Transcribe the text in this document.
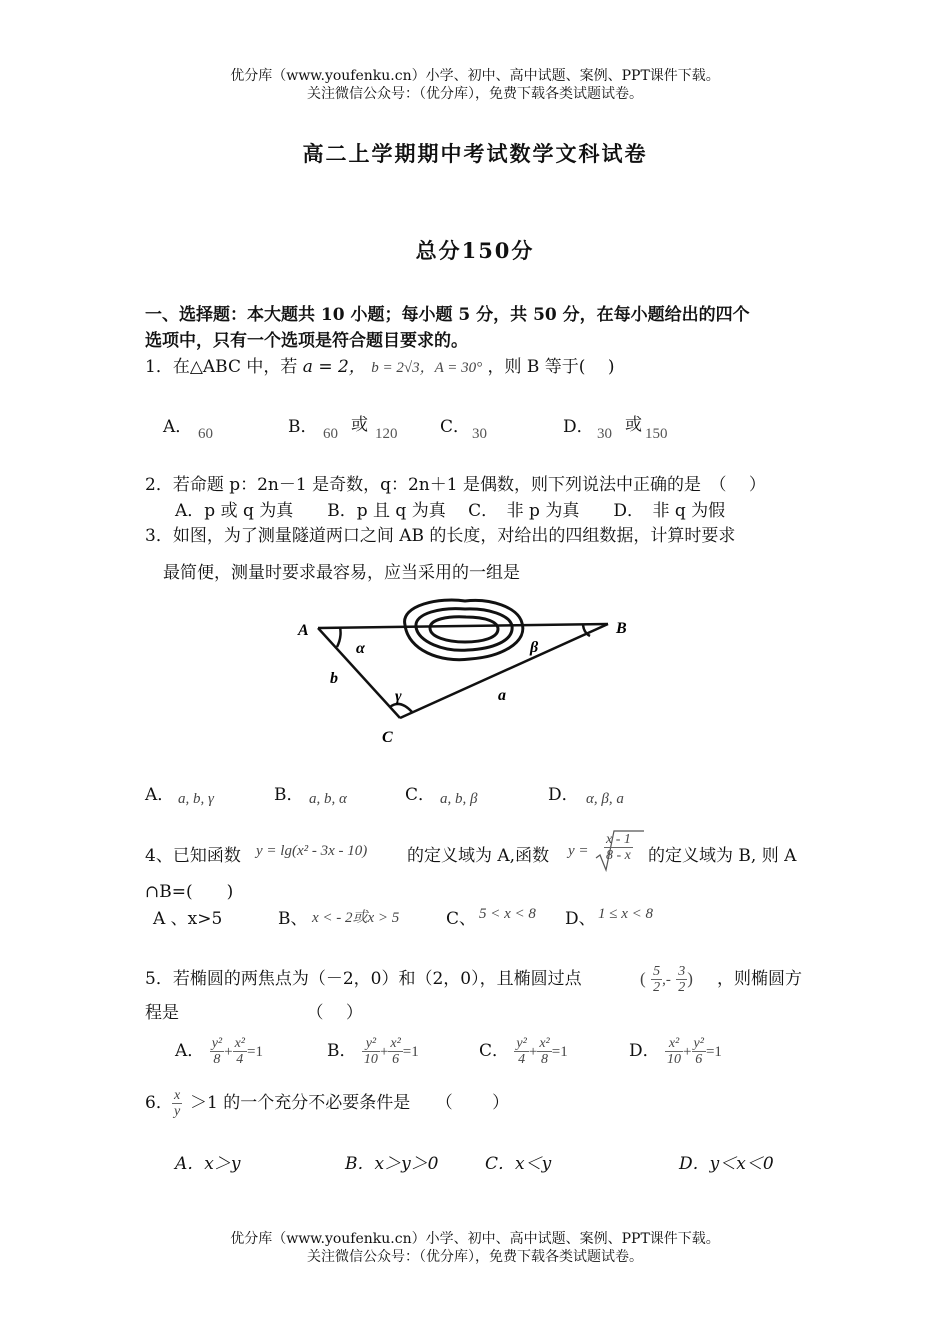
优分库（www.youfenku.cn）小学、初中、高中试题、案例、PPT课件下载。
关注微信公众号：（优分库），免费下载各类试题试卷。
高二上学期期中考试数学文科试卷
总分150分
一、选择题：本大题共 10 小题；每小题 5 分，共 50 分，在每小题给出的四个
选项中，只有一个选项是符合题目要求的。
1．在△ABC 中，若 a = 2， b = 2√3，A = 30° ，则 B 等于(　 )
A． 60	B． 60 或 120	C． 30	D． 30 或 150
2．若命题 p：2n－1 是奇数，q：2n＋1 是偶数，则下列说法中正确的是　（　 ）
A．p 或 q 为真　　B．p 且 q 为真　 C．　非 p 为真　　D．　非 q 为假
3．如图，为了测量隧道两口之间 AB 的长度，对给出的四组数据，计算时要求
最简便，测量时要求最容易，应当采用的一组是
A	B
C
α	β
γ	a
b
A． a, b, γ	B． a, b, α	C． a, b, β	D． α, β, a
4、已知函数 y = lg(x² - 3x - 10) 的定义域为 A,函数 $y = \frac{x - 1}{8 - x}$ 的定义域为 B, 则 A
∩B=(　　)
A 、x>5	B、 x < - 2或x > 5	C、 5 < x < 8 D、 1 ≤ x < 8
5．若椭圆的两焦点为（－2，0）和（2，0），且椭圆过点	( $\frac{5}{2}$ ,- $\frac{3}{2}$ ) ，则椭圆方
程是　　　　　　　　（　 ）
A． $\frac{\text{y²}}{8} + \frac{\text{x²}}{4} =1$	B． $\frac{\text{y²}}{10} + \frac{\text{x²}}{6} =1$	C． $\frac{\text{y²}}{4} + \frac{\text{x²}}{8} =1$	D． $\frac{\text{x²}}{10} + \frac{\text{y²}}{6} =1$
6． $\frac{x}{y} >1$ 的一个充分不必要条件是　　（　　 ）
A．x＞y	B．x＞y＞0	C．x＜y	D．y＜x＜0
优分库（www.youfenku.cn）小学、初中、高中试题、案例、PPT课件下载。
关注微信公众号：（优分库），免费下载各类试题试卷。
